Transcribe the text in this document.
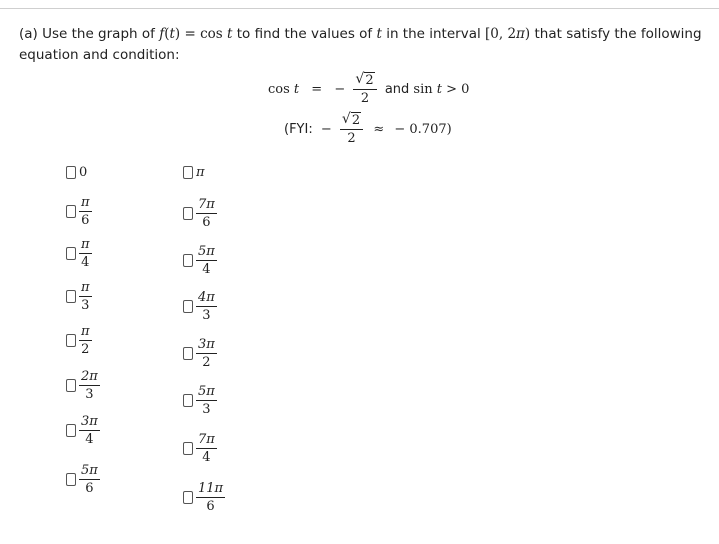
(a) Use the graph of f(t) = cos t to find the values of t in the interval [0, 2π) that satisfy the following equation and condition:
cos t = − √ $\frac{2}{2}$ and sin t > 0
(FYI: − √ $\frac{2}{2}$ ≈ − 0.707)
0
$\frac{\pi}{6}$
$\frac{\pi}{4}$
$\frac{\pi}{3}$
$\frac{\pi}{2}$
$\frac{2\pi}{3}$
$\frac{3\pi}{4}$
$\frac{5\pi}{6}$
π
$\frac{7\pi}{6}$
$\frac{5\pi}{4}$
$\frac{4\pi}{3}$
$\frac{3\pi}{2}$
$\frac{5\pi}{3}$
$\frac{7\pi}{4}$
$\frac{11\pi}{6}$
